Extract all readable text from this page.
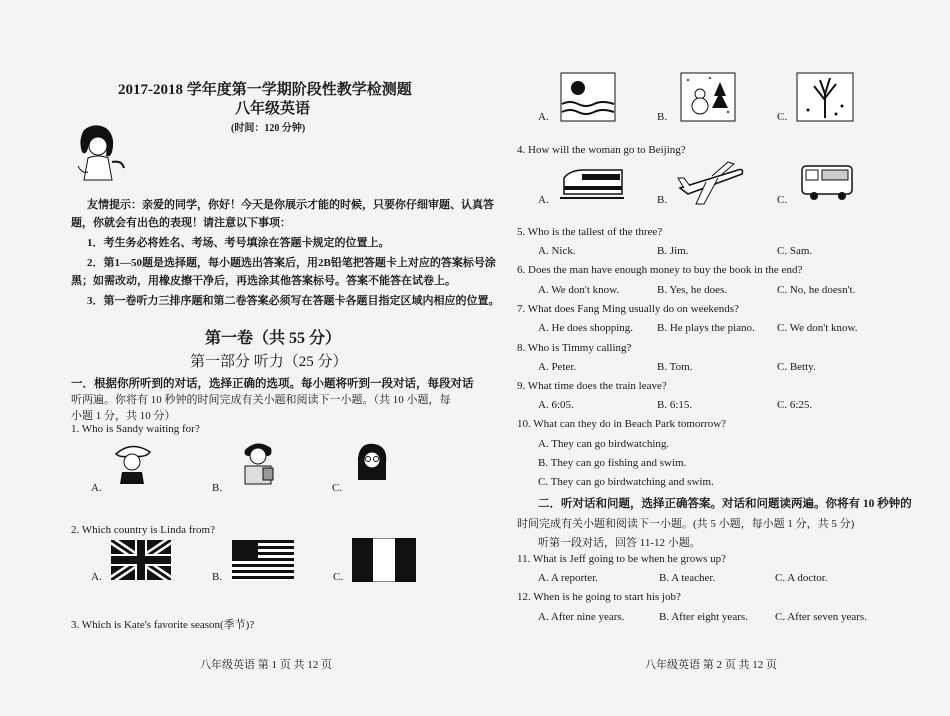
2017-2018 学年度第一学期阶段性教学检测题
八年级英语
(时间：120 分钟)
友情提示：亲爱的同学，你好！今天是你展示才能的时候，只要你仔细审题、认真答
题，你就会有出色的表现！请注意以下事项：
1．考生务必将姓名、考场、考号填涂在答题卡规定的位置上。
2．第1—50题是选择题，每小题选出答案后，用2B铅笔把答题卡上对应的答案标号涂
黑；如需改动，用橡皮擦干净后，再选涂其他答案标号。答案不能答在试卷上。
3．第一卷听力三排序题和第二卷答案必须写在答题卡各题目指定区域内相应的位置。
第一卷（共 55 分）
第一部分 听力（25 分）
一．根据你所听到的对话，选择正确的选项。每小题将听到一段对话，每段对话
听两遍。你将有 10 秒钟的时间完成有关小题和阅读下一小题。（共 10 小题，每
小题 1 分，共 10 分）
1. Who is Sandy waiting for?
A.	B.	C.
2. Which country is Linda from?
A.	B.	C.
3. Which is Kate's favorite season(季节)?
八年级英语 第 1 页 共 12 页
A.	B.	C.
4. How will the woman go to Beijing?
A.	B.	C.
5. Who is the tallest of the three?
A. Nick.	B. Jim.	C. Sam.
6. Does the man have enough money to buy the book in the end?
A. We don't know.	B. Yes, he does.	C. No, he doesn't.
7. What does Fang Ming usually do on weekends?
A. He does shopping. B. He plays the piano. C. We don't know.
8. Who is Timmy calling?
A. Peter.	B. Tom.	C. Betty.
9. What time does the train leave?
A. 6:05.	B. 6:15.	C. 6:25.
10. What can they do in Beach Park tomorrow?
A. They can go birdwatching.
B. They can go fishing and swim.
C. They can go birdwatching and swim.
二．听对话和问题，选择正确答案。对话和问题读两遍。你将有 10 秒钟的
时间完成有关小题和阅读下一小题。(共 5 小题，每小题 1 分，共 5 分)
听第一段对话，回答 11-12 小题。
11. What is Jeff going to be when he grows up?
A. A reporter.	B. A teacher.	C. A doctor.
12. When is he going to start his job?
A. After nine years.	B. After eight years. C. After seven years.
八年级英语 第 2 页 共 12 页
